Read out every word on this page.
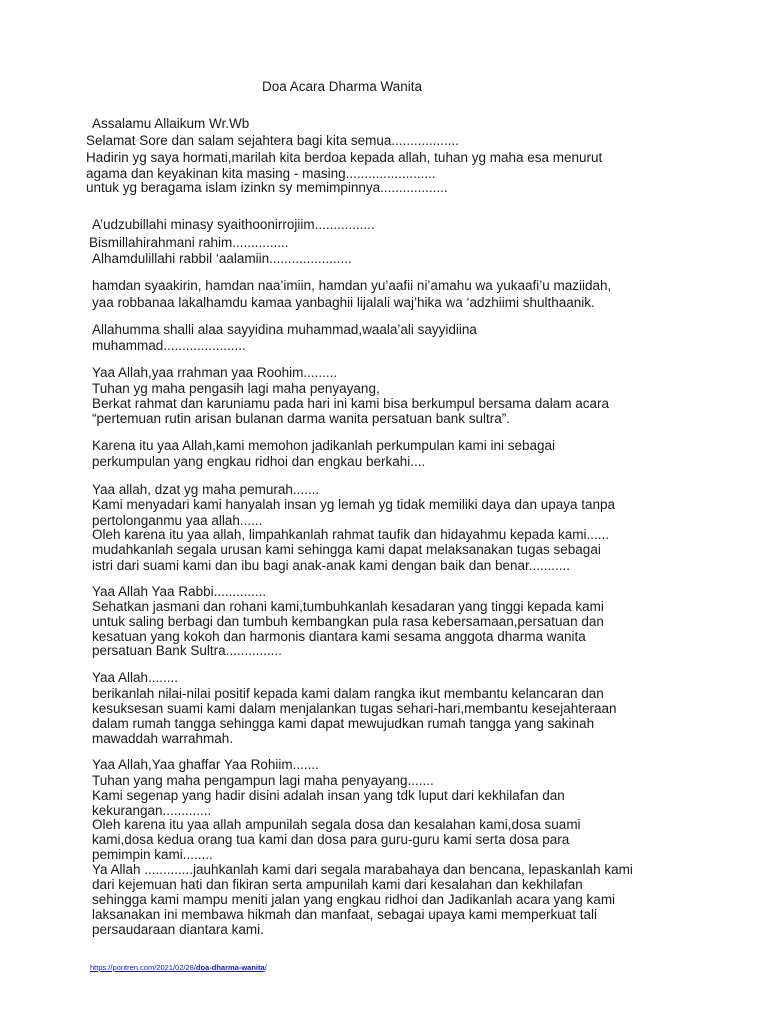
Doa Acara Dharma Wanita
Assalamu Allaikum Wr.Wb
Selamat Sore dan salam sejahtera bagi kita semua..................
Hadirin yg saya hormati,marilah kita berdoa kepada allah, tuhan yg maha esa menurut
agama dan keyakinan kita masing - masing........................
untuk yg beragama islam izinkn sy memimpinnya..................
A’udzubillahi minasy syaithoonirrojiim................
Bismillahirahmani rahim...............
Alhamdulillahi rabbil ‘aalamiin......................
hamdan syaakirin, hamdan naa’imiin, hamdan yu’aafii ni’amahu wa yukaafi’u maziidah,
yaa robbanaa lakalhamdu kamaa yanbaghii lijalali waj’hika wa ‘adzhiimi shulthaanik.
Allahumma shalli alaa sayyidina muhammad,waala’ali sayyidiina
muhammad......................
Yaa Allah,yaa rrahman yaa Roohim.........
Tuhan yg maha pengasih lagi maha penyayang,
Berkat rahmat dan karuniamu pada hari ini kami bisa berkumpul bersama dalam acara
“pertemuan rutin arisan bulanan darma wanita persatuan bank sultra”.
Karena itu yaa Allah,kami memohon jadikanlah perkumpulan kami ini sebagai
perkumpulan yang engkau ridhoi dan engkau berkahi....
Yaa allah, dzat yg maha pemurah.......
Kami menyadari kami hanyalah insan yg lemah yg tidak memiliki daya dan upaya tanpa
pertolonganmu yaa allah......
Oleh karena itu yaa allah, limpahkanlah rahmat taufik dan hidayahmu kepada kami......
mudahkanlah segala urusan kami sehingga kami dapat melaksanakan tugas sebagai
istri dari suami kami dan ibu bagi anak-anak kami dengan baik dan benar...........
Yaa Allah Yaa Rabbi..............
Sehatkan jasmani dan rohani kami,tumbuhkanlah kesadaran yang tinggi kepada kami
untuk saling berbagi dan tumbuh kembangkan pula rasa kebersamaan,persatuan dan
kesatuan yang kokoh dan harmonis diantara kami sesama anggota dharma wanita
persatuan Bank Sultra...............
Yaa Allah........
berikanlah nilai-nilai positif kepada kami dalam rangka ikut membantu kelancaran dan
kesuksesan suami kami dalam menjalankan tugas sehari-hari,membantu kesejahteraan
dalam rumah tangga sehingga kami dapat mewujudkan rumah tangga yang sakinah
mawaddah warrahmah.
Yaa Allah,Yaa ghaffar Yaa Rohiim.......
Tuhan yang maha pengampun lagi maha penyayang.......
Kami segenap yang hadir disini adalah insan yang tdk luput dari kekhilafan dan
kekurangan.............
Oleh karena itu yaa allah ampunilah segala dosa dan kesalahan kami,dosa suami
kami,dosa kedua orang tua kami dan dosa para guru-guru kami serta dosa para
pemimpin kami........
Ya Allah .............jauhkanlah kami dari segala marabahaya dan bencana, lepaskanlah kami
dari kejemuan hati dan fikiran serta ampunilah kami dari kesalahan dan kekhilafan
sehingga kami mampu meniti jalan yang engkau ridhoi dan Jadikanlah acara yang kami
laksanakan ini membawa hikmah dan manfaat, sebagai upaya kami memperkuat tali
persaudaraan diantara kami.
https://pontren.com/2021/02/28/doa-dharma-wanita/
